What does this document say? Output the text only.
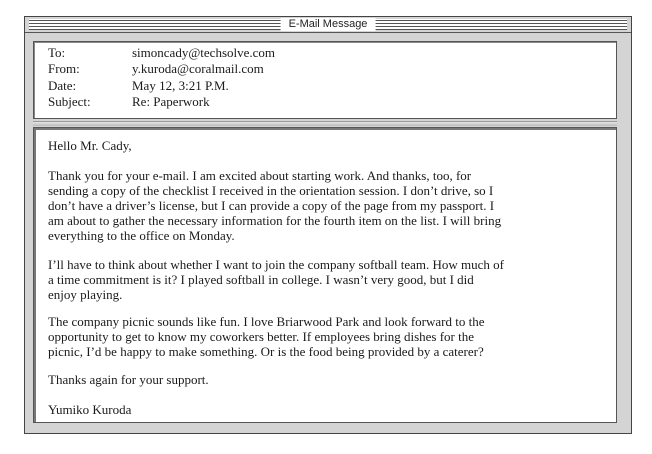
E-Mail Message
To:	simoncady@techsolve.com
From:	y.kuroda@coralmail.com
Date:	May 12, 3:21 P.M.
Subject:	Re: Paperwork
Hello Mr. Cady,
Thank you for your e-mail. I am excited about starting work. And thanks, too, for
sending a copy of the checklist I received in the orientation session. I don’t drive, so I
don’t have a driver’s license, but I can provide a copy of the page from my passport. I
am about to gather the necessary information for the fourth item on the list. I will bring
everything to the office on Monday.
I’ll have to think about whether I want to join the company softball team. How much of
a time commitment is it? I played softball in college. I wasn’t very good, but I did
enjoy playing.
The company picnic sounds like fun. I love Briarwood Park and look forward to the
opportunity to get to know my coworkers better. If employees bring dishes for the
picnic, I’d be happy to make something. Or is the food being provided by a caterer?
Thanks again for your support.
Yumiko Kuroda
